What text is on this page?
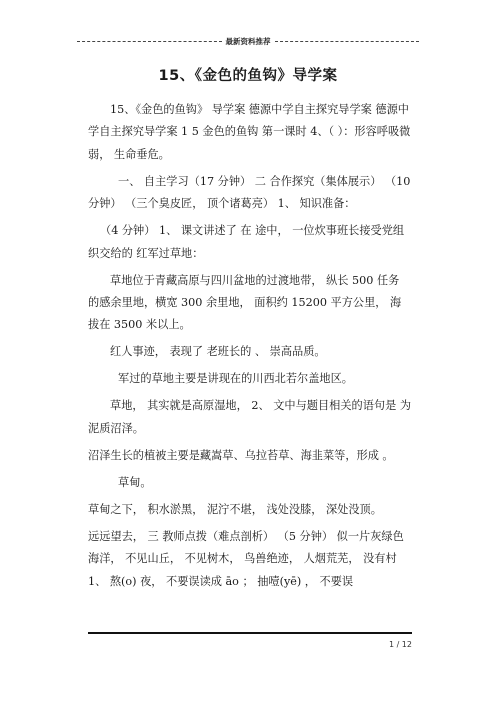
最新资料推荐
15、《金色的鱼钩》导学案

15、《金色的鱼钩》 导学案 德源中学自主探究导学案 德源中学自主探究导学案 1 5 金色的鱼钩 第一课时 4、（ ）：形容呼吸微弱， 生命垂危。

一、 自主学习（17 分钟） 二 合作探究（集体展示） （10 分钟） （三个臭皮匠， 顶个诸葛亮） 1、 知识准备：

（4 分钟） 1、 课文讲述了 在 途中， 一位炊事班长接受党组织交给的 红军过草地：

草地位于青藏高原与四川盆地的过渡地带， 纵长 500 任务 的感余里地，横宽 300 余里地， 面积约 15200 平方公里， 海拔在 3500 米以上。

红人事迹， 表现了 老班长的 、 崇高品质。

军过的草地主要是讲现在的川西北若尔盖地区。

草地， 其实就是高原湿地， 2、 文中与题目相关的语句是 为泥质沼泽。

沼泽生长的植被主要是藏嵩草、乌拉苔草、海韭菜等，形成 。

草甸。

草甸之下， 积水淤黑， 泥泞不堪， 浅处没膝， 深处没顶。

远远望去， 三 教师点拨（难点剖析） （5 分钟） 似一片灰绿色海洋， 不见山丘， 不见树木， 鸟兽绝迹， 人烟荒芜， 没有村 1、 熬(o) 夜， 不要误读成 āo ； 抽噎(yē) ， 不要误

1 / 12
